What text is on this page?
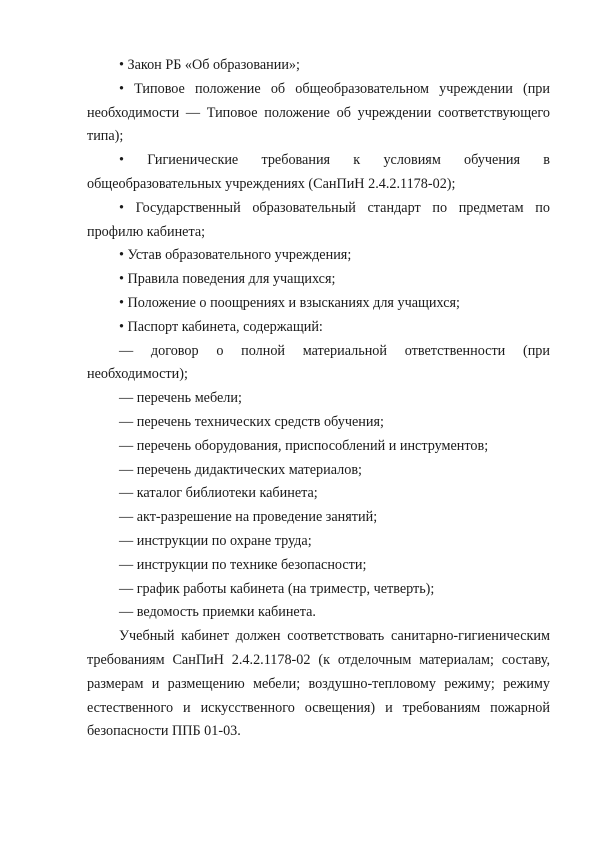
• Закон РБ «Об образовании»;

• Типовое положение об общеобразовательном учреждении (при необходимости — Типовое положение об учреждении соответствующего типа);

• Гигиенические требования к условиям обучения в общеобразовательных учреждениях (СанПиН 2.4.2.1178-02);

• Государственный образовательный стандарт по предметам по профилю кабинета;

• Устав образовательного учреждения;

• Правила поведения для учащихся;

• Положение о поощрениях и взысканиях для учащихся;

• Паспорт кабинета, содержащий:

— договор о полной материальной ответственности (при необходимости);

— перечень мебели;

— перечень технических средств обучения;

— перечень оборудования, приспособлений и инструментов;

— перечень дидактических материалов;

— каталог библиотеки кабинета;

— акт-разрешение на проведение занятий;

— инструкции по охране труда;

— инструкции по технике безопасности;

— график работы кабинета (на триместр, четверть);

— ведомость приемки кабинета.

Учебный кабинет должен соответствовать санитарно-гигиеническим требованиям СанПиН 2.4.2.1178-02 (к отделочным материалам; составу, размерам и размещению мебели; воздушно-тепловому режиму; режиму естественного и искусственного освещения) и требованиям пожарной безопасности ППБ 01-03.
